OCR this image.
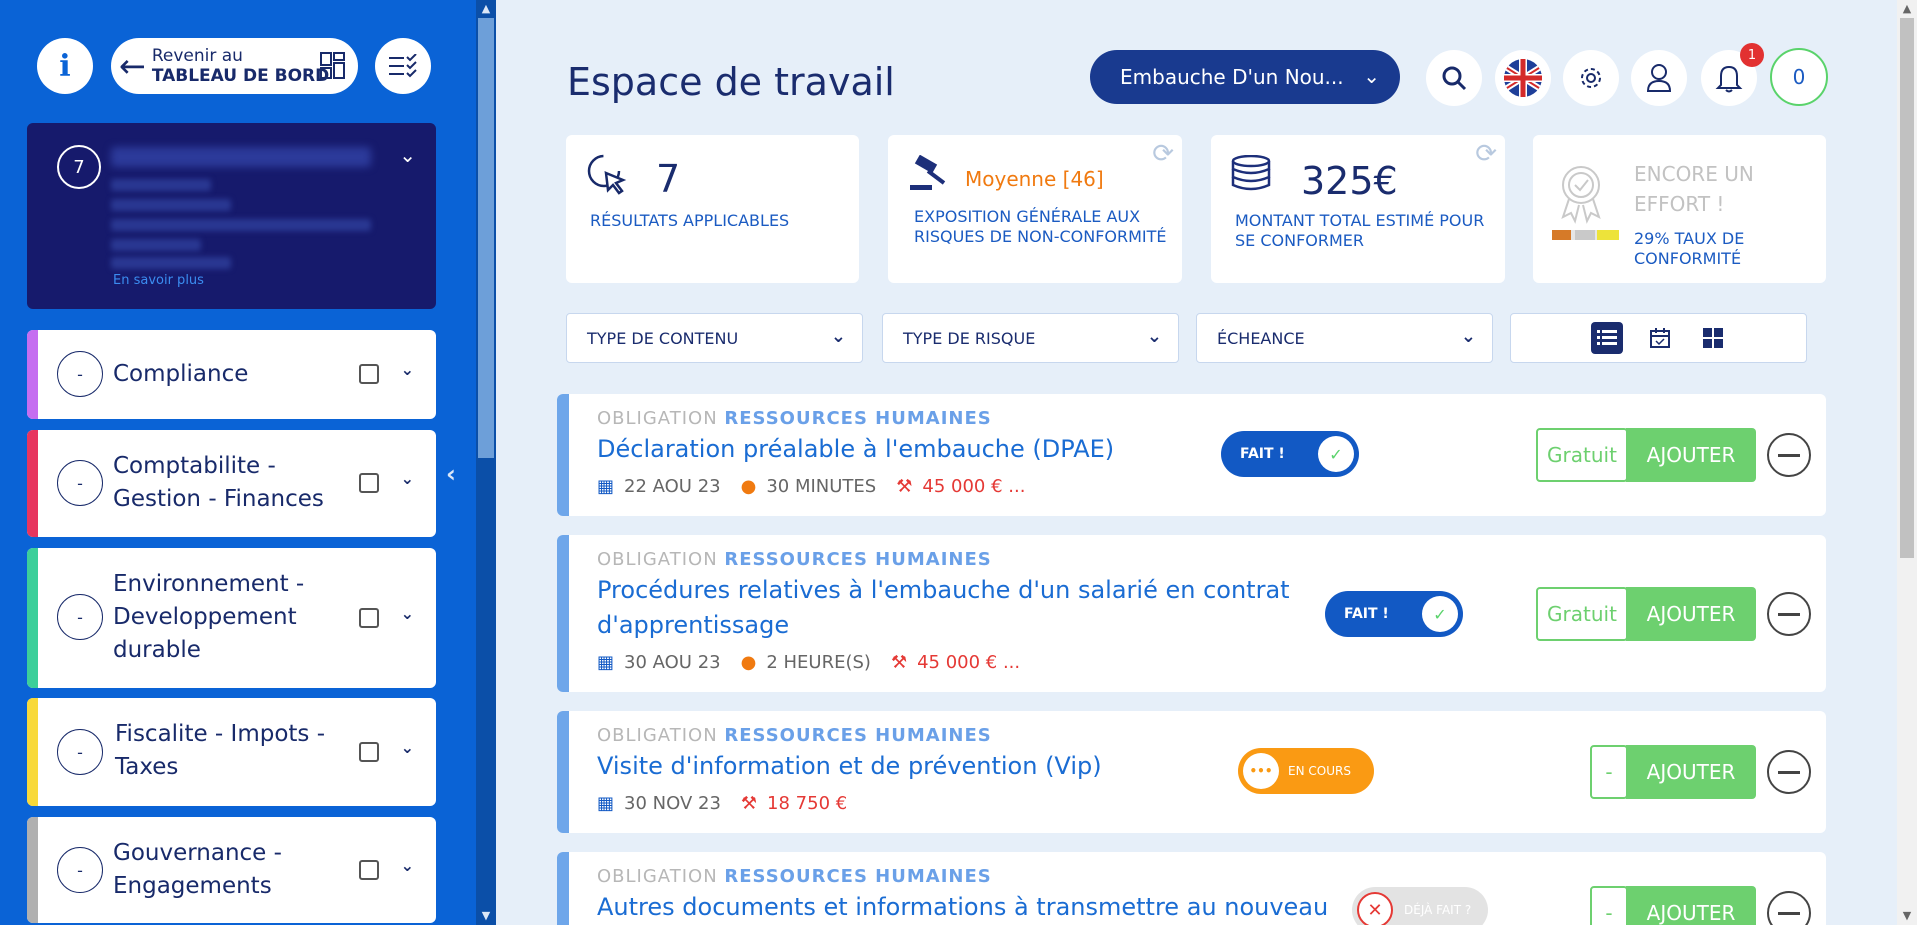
i ← Revenir au
TABLEAU DE BORD
7
En savoir plus
⌄
-	Compliance	⌄
-
Comptabilite - Gestion - Finances
⌄
-
Environnement - Developpement durable
⌄
-
Fiscalite - Impots - Taxes
⌄
-
Gouvernance - Engagements
⌄
▲
▼
‹
Espace de travail	Embauche D'un Nou... ⌄
1
0
7
RÉSULTATS APPLICABLES
Moyenne [46]
EXPOSITION GÉNÉRALE AUX RISQUES DE NON-CONFORMITÉ
⟳
325€
MONTANT TOTAL ESTIMÉ POUR SE CONFORMER
⟳
ENCORE UN EFFORT !
29% TAUX DE CONFORMITÉ
TYPE DE CONTENU	⌄	TYPE DE RISQUE	⌄	ÉCHEANCE	⌄
OBLIGATION RESSOURCES HUMAINES
Déclaration préalable à l'embauche (DPAE)
▦ 22 AOU 23 ● 30 MINUTES ⚒ 45 000 € ...
FAIT !	✓	Gratuit	AJOUTER
OBLIGATION RESSOURCES HUMAINES
Procédures relatives à l'embauche d'un salarié en contrat d'apprentissage
▦ 30 AOU 23 ● 2 HEURE(S) ⚒ 45 000 € ...
FAIT !	✓	Gratuit	AJOUTER
OBLIGATION RESSOURCES HUMAINES
Visite d'information et de prévention (Vip)
▦ 30 NOV 23 ⚒ 18 750 €
•••	EN COURS	-	AJOUTER
OBLIGATION RESSOURCES HUMAINES
Autres documents et informations à transmettre au nouveau	✕	DÉJÀ FAIT ?	-	AJOUTER
▲
▼
